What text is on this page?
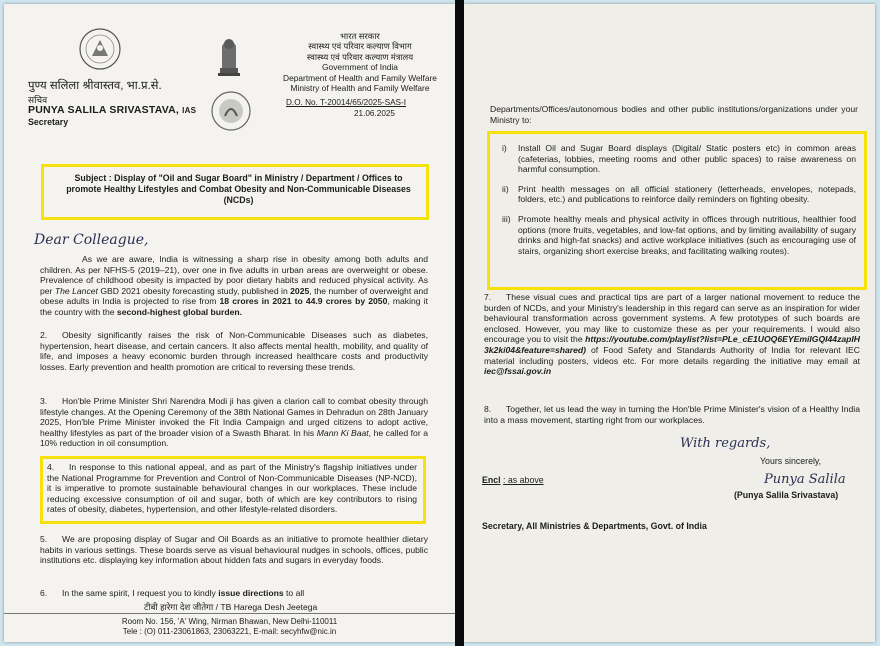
पुण्य सलिला श्रीवास्तव, भा.प्र.से.
सचिव
PUNYA SALILA SRIVASTAVA, IAS
Secretary
भारत सरकार
स्वास्थ्य एवं परिवार कल्याण विभाग
स्वास्थ्य एवं परिवार कल्याण मंत्रालय
Government of India
Department of Health and Family Welfare
Ministry of Health and Family Welfare
D.O. No. T-20014/65/2025-SAS-I
21.06.2025
Subject : Display of "Oil and Sugar Board" in Ministry / Department / Offices to promote Healthy Lifestyles and Combat Obesity and Non-Communicable Diseases (NCDs)
Dear Colleague,

As we are aware, India is witnessing a sharp rise in obesity among both adults and children. As per NFHS-5 (2019–21), over one in five adults in urban areas are overweight or obese. Prevalence of childhood obesity is impacted by poor dietary habits and reduced physical activity. As per The Lancet GBD 2021 obesity forecasting study, published in 2025, the number of overweight and obese adults in India is projected to rise from 18 crores in 2021 to 44.9 crores by 2050, making it the country with the second-highest global burden.

2. Obesity significantly raises the risk of Non-Communicable Diseases such as diabetes, hypertension, heart disease, and certain cancers. It also affects mental health, mobility, and quality of life, and imposes a heavy economic burden through increased healthcare costs and productivity losses. Early prevention and health promotion are critical to reversing these trends.

3. Hon'ble Prime Minister Shri Narendra Modi ji has given a clarion call to combat obesity through lifestyle changes. At the Opening Ceremony of the 38th National Games in Dehradun on 28th January 2025, Hon'ble Prime Minister invoked the Fit India Campaign and urged citizens to adopt active, healthy lifestyles as part of the broader vision of a Swasth Bharat. In his Mann Ki Baat, he called for a 10% reduction in oil consumption.

4. In response to this national appeal, and as part of the Ministry's flagship initiatives under the National Programme for Prevention and Control of Non-Communicable Diseases (NP-NCD), it is imperative to promote sustainable behavioural changes in our workplaces. These include reducing excessive consumption of oil and sugar, both of which are key contributors to rising rates of obesity, diabetes, hypertension, and other lifestyle-related disorders.

5. We are proposing display of Sugar and Oil Boards as an initiative to promote healthier dietary habits in various settings. These boards serve as visual behavioural nudges in schools, offices, public institutions etc. displaying key information about hidden fats and sugars in everyday foods.

6. In the same spirit, I request you to kindly issue directions to all

टीबी हारेगा देश जीतेगा / TB Harega Desh Jeetega
Room No. 156, 'A' Wing, Nirman Bhawan, New Delhi-110011
Tele : (O) 011-23061863, 23063221, E-mail: secyhfw@nic.in

Departments/Offices/autonomous bodies and other public institutions/organizations under your Ministry to:

i)	Install Oil and Sugar Board displays (Digital/ Static posters etc) in common areas (cafeterias, lobbies, meeting rooms and other public spaces) to raise awareness on harmful consumption.
ii)	Print health messages on all official stationery (letterheads, envelopes, notepads, folders, etc.) and publications to reinforce daily reminders on fighting obesity.
iii) Promote healthy meals and physical activity in offices through nutritious, healthier food options (more fruits, vegetables, and low-fat options, and by limiting availability of sugary drinks and high-fat snacks) and active workplace initiatives (such as encouraging use of stairs, organizing short exercise breaks, and facilitating walking routes).

7. These visual cues and practical tips are part of a larger national movement to reduce the burden of NCDs, and your Ministry's leadership in this regard can serve as an inspiration for wider behavioural transformation across government systems. A few prototypes of such boards are enclosed. However, you may like to customize these as per your requirements. I would also encourage you to visit the https://youtube.com/playlist?list=PLe_cE1UOQ6EYEmiIGQI44zapIH3k2ki04&feature=shared) of Food Safety and Standards Authority of India for relevant IEC material including posters, videos etc. For more details regarding the initiative may email at iec@fssai.gov.in

8. Together, let us lead the way in turning the Hon'ble Prime Minister's vision of a Healthy India into a mass movement, starting right from our workplaces.

With regards,
Yours sincerely,
Punya Salila
(Punya Salila Srivastava)
Encl : as above
Secretary, All Ministries & Departments, Govt. of India
